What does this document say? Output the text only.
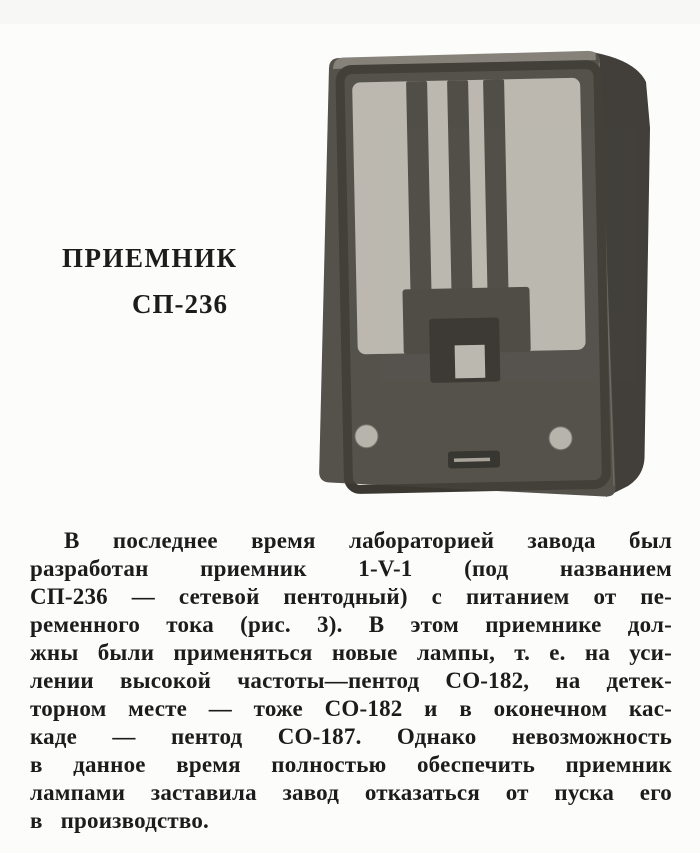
ПРИЕМНИК
СП-236
В последнее время лабораторией завода был
разработан приемник 1-V-1 (под названием
СП-236 — сетевой пентодный) с питанием от пе-
ременного тока (рис. 3). В этом приемнике дол-
жны были применяться новые лампы, т. е. на уси-
лении высокой частоты—пентод СО-182, на детек-
торном месте — тоже СО-182 и в оконечном кас-
каде — пентод СО-187. Однако невозможность
в данное время полностью обеспечить приемник
лампами заставила завод отказаться от пуска его
в производство.
